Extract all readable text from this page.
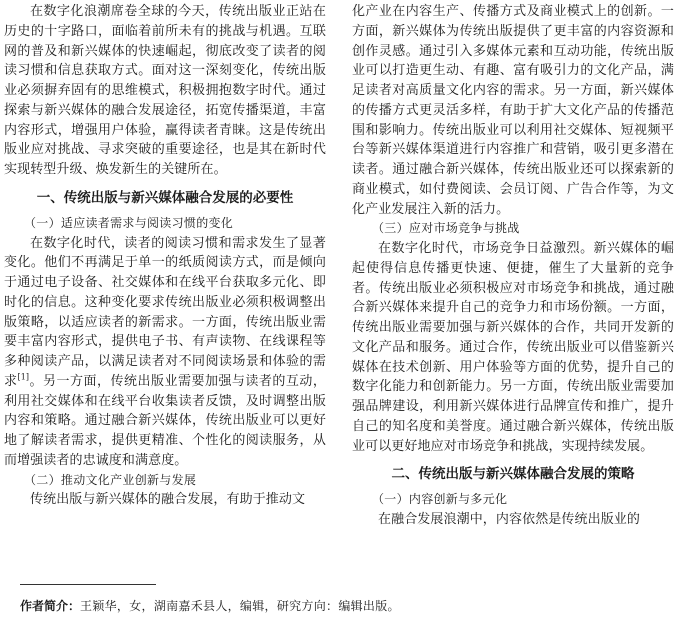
在数字化浪潮席卷全球的今天，传统出版业正站在历史的十字路口，面临着前所未有的挑战与机遇。互联网的普及和新兴媒体的快速崛起，彻底改变了读者的阅读习惯和信息获取方式。面对这一深刻变化，传统出版业必须摒弃固有的思维模式，积极拥抱数字时代。通过探索与新兴媒体的融合发展途径，拓宽传播渠道，丰富内容形式，增强用户体验，赢得读者青睐。这是传统出版业应对挑战、寻求突破的重要途径，也是其在新时代实现转型升级、焕发新生的关键所在。

一、传统出版与新兴媒体融合发展的必要性

（一）适应读者需求与阅读习惯的变化

在数字化时代，读者的阅读习惯和需求发生了显著变化。他们不再满足于单一的纸质阅读方式，而是倾向于通过电子设备、社交媒体和在线平台获取多元化、即时化的信息。这种变化要求传统出版业必须积极调整出版策略，以适应读者的新需求。一方面，传统出版业需要丰富内容形式，提供电子书、有声读物、在线课程等多种阅读产品，以满足读者对不同阅读场景和体验的需求[1]。另一方面，传统出版业需要加强与读者的互动，利用社交媒体和在线平台收集读者反馈，及时调整出版内容和策略。通过融合新兴媒体，传统出版业可以更好地了解读者需求，提供更精准、个性化的阅读服务，从而增强读者的忠诚度和满意度。

（二）推动文化产业创新与发展

传统出版与新兴媒体的融合发展，有助于推动文

化产业在内容生产、传播方式及商业模式上的创新。一方面，新兴媒体为传统出版提供了更丰富的内容资源和创作灵感。通过引入多媒体元素和互动功能，传统出版业可以打造更生动、有趣、富有吸引力的文化产品，满足读者对高质量文化内容的需求。另一方面，新兴媒体的传播方式更灵活多样，有助于扩大文化产品的传播范围和影响力。传统出版业可以利用社交媒体、短视频平台等新兴媒体渠道进行内容推广和营销，吸引更多潜在读者。通过融合新兴媒体，传统出版业还可以探索新的商业模式，如付费阅读、会员订阅、广告合作等，为文化产业发展注入新的活力。

（三）应对市场竞争与挑战

在数字化时代，市场竞争日益激烈。新兴媒体的崛起使得信息传播更快速、便捷，催生了大量新的竞争者。传统出版业必须积极应对市场竞争和挑战，通过融合新兴媒体来提升自己的竞争力和市场份额。一方面，传统出版业需要加强与新兴媒体的合作，共同开发新的文化产品和服务。通过合作，传统出版业可以借鉴新兴媒体在技术创新、用户体验等方面的优势，提升自己的数字化能力和创新能力。另一方面，传统出版业需要加强品牌建设，利用新兴媒体进行品牌宣传和推广，提升自己的知名度和美誉度。通过融合新兴媒体，传统出版业可以更好地应对市场竞争和挑战，实现持续发展。

二、传统出版与新兴媒体融合发展的策略

（一）内容创新与多元化

在融合发展浪潮中，内容依然是传统出版业的

作者简介：王颖华，女，湖南嘉禾县人，编辑，研究方向：编辑出版。
